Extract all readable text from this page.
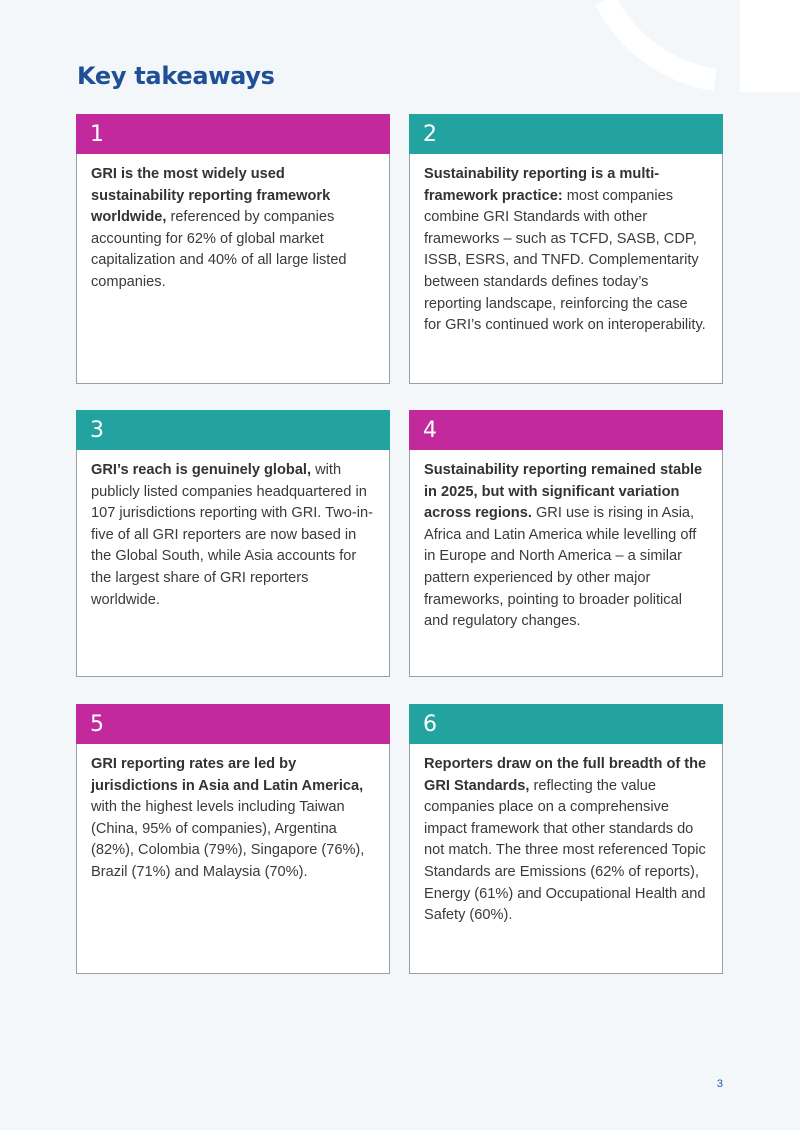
Key takeaways
1
GRI is the most widely used sustainability reporting framework worldwide, referenced by companies accounting for 62% of global market capitalization and 40% of all large listed companies.
2
Sustainability reporting is a multi-framework practice: most companies combine GRI Standards with other frameworks – such as TCFD, SASB, CDP, ISSB, ESRS, and TNFD. Complementarity between standards defines today’s reporting landscape, reinforcing the case for GRI’s continued work on interoperability.
3
GRI’s reach is genuinely global, with publicly listed companies headquartered in 107 jurisdictions reporting with GRI. Two-in-five of all GRI reporters are now based in the Global South, while Asia accounts for the largest share of GRI reporters worldwide.
4
Sustainability reporting remained stable in 2025, but with significant variation across regions. GRI use is rising in Asia, Africa and Latin America while levelling off in Europe and North America – a similar pattern experienced by other major frameworks, pointing to broader political and regulatory changes.
5
GRI reporting rates are led by jurisdictions in Asia and Latin America, with the highest levels including Taiwan (China, 95% of companies), Argentina (82%), Colombia (79%), Singapore (76%), Brazil (71%) and Malaysia (70%).
6
Reporters draw on the full breadth of the GRI Standards, reflecting the value companies place on a comprehensive impact framework that other standards do not match. The three most referenced Topic Standards are Emissions (62% of reports), Energy (61%) and Occupational Health and Safety (60%).
3
